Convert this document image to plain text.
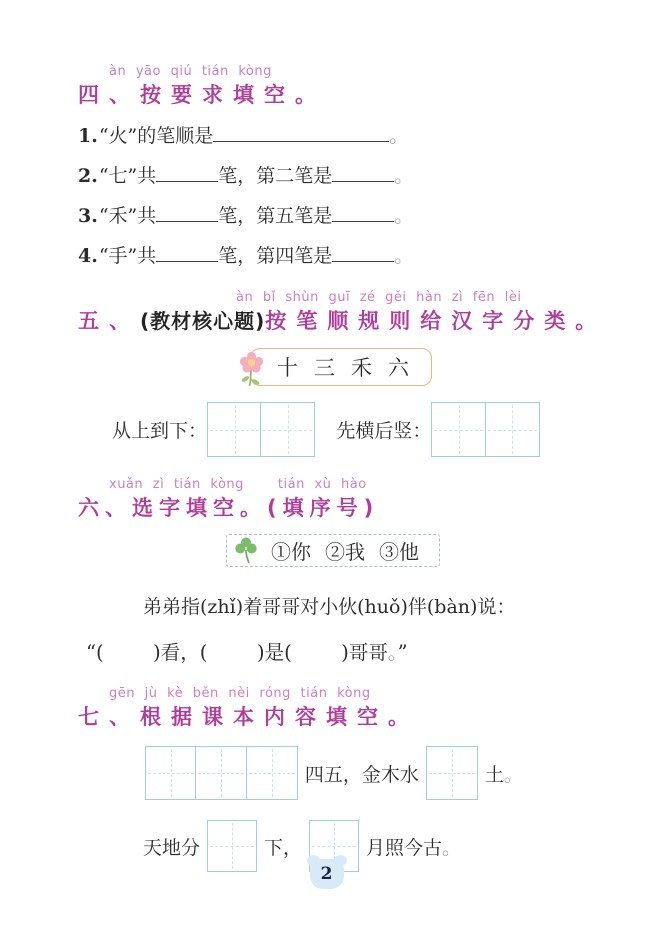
àn yāo qiú tián kòng
四、按要求填空。
1.“火”的笔顺是	。
2.“七”共	笔，第二笔是	。
3.“禾”共	笔，第五笔是	。
4.“手”共	笔，第四笔是	。
àn bǐ shùn guī zé gěi hàn zì fēn lèi
五、(教材核心题)按笔顺规则给汉字分类。
十 三 禾 六
从上到下：	先横后竖：
xuǎn zì tián kòng	tián xù hào
六、选字填空。(填序号)
①你 ②我 ③他
弟弟指(zhǐ)着哥哥对小伙(huǒ)伴(bàn)说：
“(        )看，(        )是(        )哥哥。”
gēn jù kè běn nèi róng tián kòng
七、根据课本内容填空。
四五，金木水	土 。
天地分	下，	月照今古 。
2
